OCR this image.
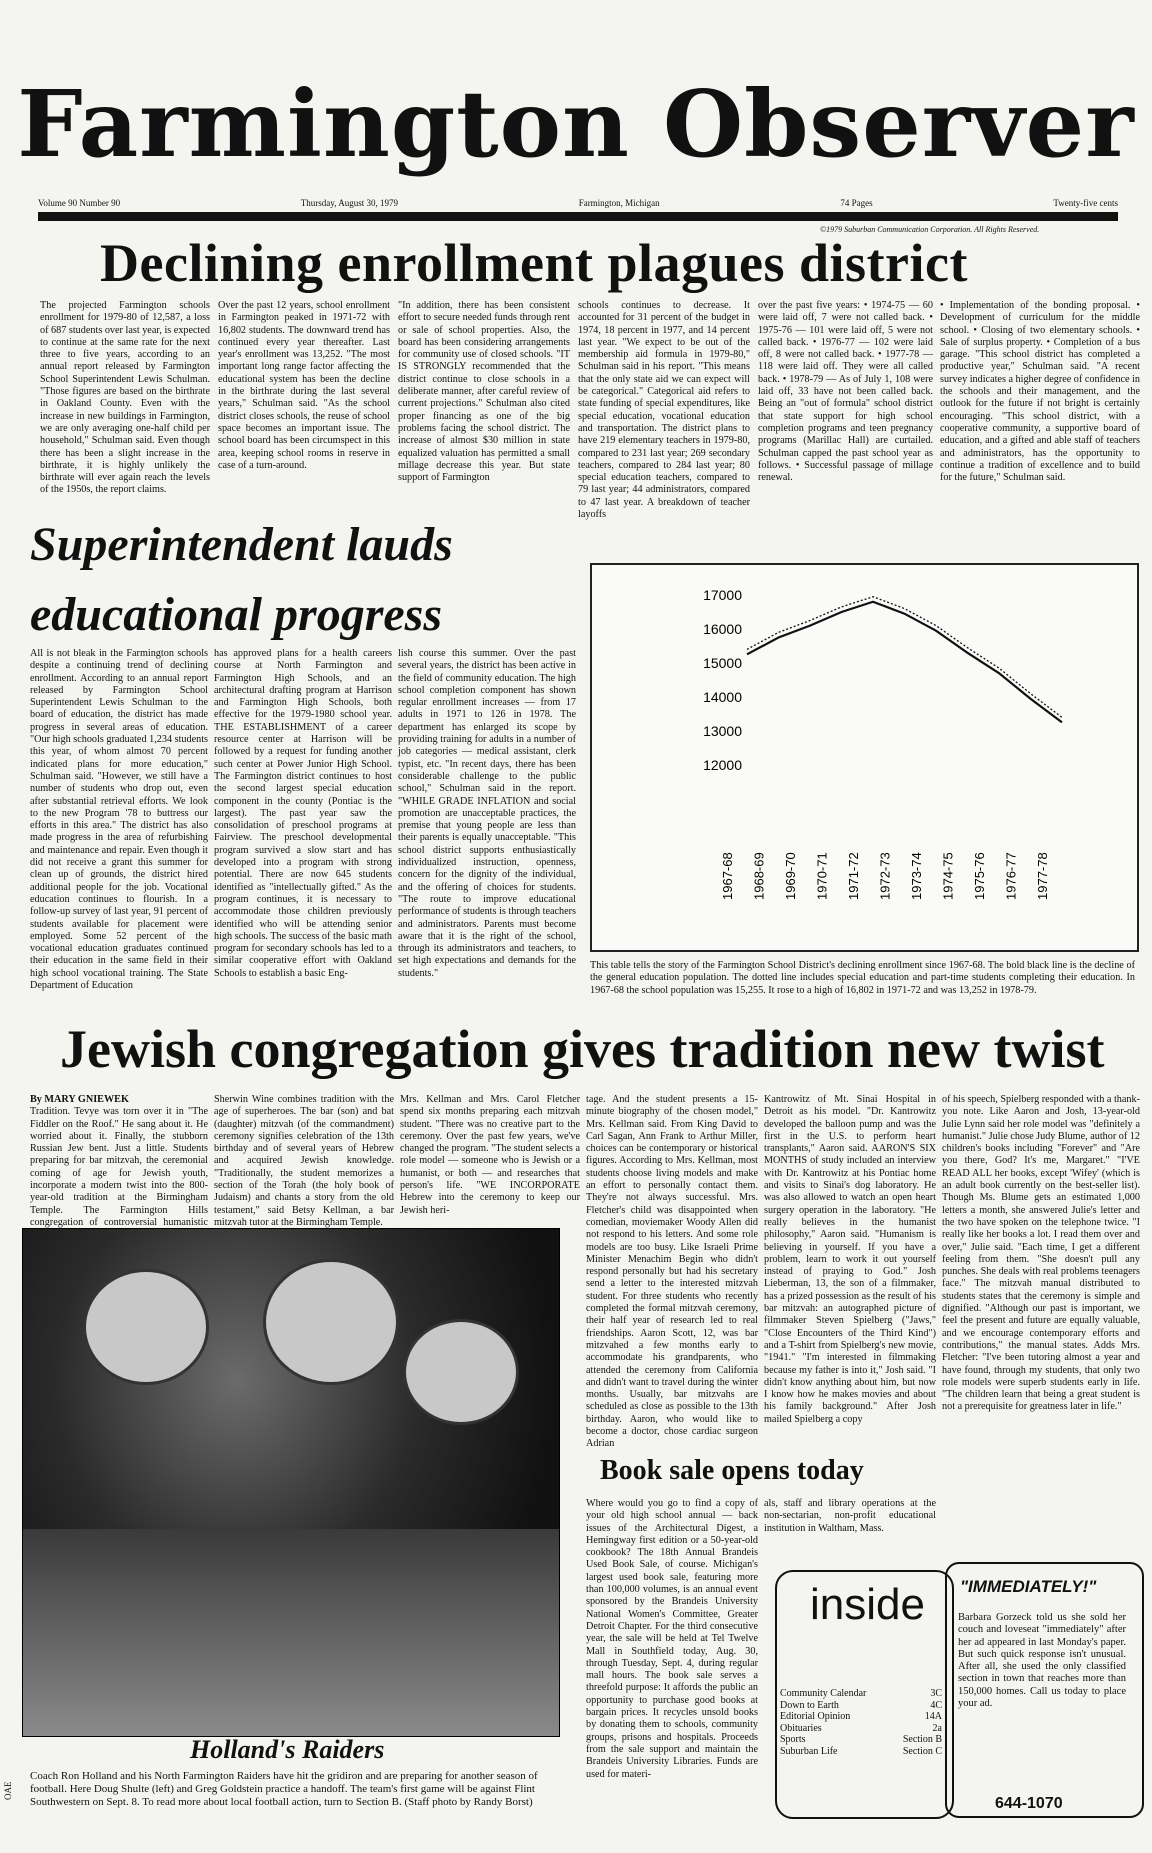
Farmington Observer
Volume 90 Number 90	Thursday, August 30, 1979	Farmington, Michigan	74 Pages	Twenty-five cents
©1979 Suburban Communication Corporation. All Rights Reserved.
Declining enrollment plagues district
The projected Farmington schools enrollment for 1979-80 of 12,587, a loss of 687 students over last year, is expected to continue at the same rate for the next three to five years, according to an annual report released by Farmington School Superintendent Lewis Schulman. "Those figures are based on the birthrate in Oakland County. Even with the increase in new buildings in Farmington, we are only averaging one-half child per household," Schulman said. Even though there has been a slight increase in the birthrate, it is highly unlikely the birthrate will ever again reach the levels of the 1950s, the report claims.
Over the past 12 years, school enrollment in Farmington peaked in 1971-72 with 16,802 students. The downward trend has continued every year thereafter. Last year's enrollment was 13,252. "The most important long range factor affecting the educational system has been the decline in the birthrate during the last several years," Schulman said. "As the school district closes schools, the reuse of school space becomes an important issue. The school board has been circumspect in this area, keeping school rooms in reserve in case of a turn-around.
"In addition, there has been consistent effort to secure needed funds through rent or sale of school properties. Also, the board has been considering arrangements for community use of closed schools. "IT IS STRONGLY recommended that the district continue to close schools in a deliberate manner, after careful review of current projections." Schulman also cited proper financing as one of the big problems facing the school district. The increase of almost $30 million in state equalized valuation has permitted a small millage decrease this year. But state support of Farmington
schools continues to decrease. It accounted for 31 percent of the budget in 1974, 18 percent in 1977, and 14 percent last year. "We expect to be out of the membership aid formula in 1979-80," Schulman said in his report. "This means that the only state aid we can expect will be categorical." Categorical aid refers to state funding of special expenditures, like special education, vocational education and transportation. The district plans to have 219 elementary teachers in 1979-80, compared to 231 last year; 269 secondary teachers, compared to 284 last year; 80 special education teachers, compared to 79 last year; 44 administrators, compared to 47 last year. A breakdown of teacher layoffs
over the past five years: • 1974-75 — 60 were laid off, 7 were not called back. • 1975-76 — 101 were laid off, 5 were not called back. • 1976-77 — 102 were laid off, 8 were not called back. • 1977-78 — 118 were laid off. They were all called back. • 1978-79 — As of July 1, 108 were laid off, 33 have not been called back. Being an "out of formula" school district that state support for high school completion programs and teen pregnancy programs (Marillac Hall) are curtailed. Schulman capped the past school year as follows. • Successful passage of millage renewal.
• Implementation of the bonding proposal. • Development of curriculum for the middle school. • Closing of two elementary schools. • Sale of surplus property. • Completion of a bus garage. "This school district has completed a productive year," Schulman said. "A recent survey indicates a higher degree of confidence in the schools and their management, and the outlook for the future if not bright is certainly encouraging. "This school district, with a cooperative community, a supportive board of education, and a gifted and able staff of teachers and administrators, has the opportunity to continue a tradition of excellence and to build for the future," Schulman said.
Superintendent lauds educational progress
All is not bleak in the Farmington schools despite a continuing trend of declining enrollment. According to an annual report released by Farmington School Superintendent Lewis Schulman to the board of education, the district has made progress in several areas of education. "Our high schools graduated 1,234 students this year, of whom almost 70 percent indicated plans for more education," Schulman said. "However, we still have a number of students who drop out, even after substantial retrieval efforts. We look to the new Program '78 to buttress our efforts in this area." The district has also made progress in the area of refurbishing and maintenance and repair. Even though it did not receive a grant this summer for clean up of grounds, the district hired additional people for the job. Vocational education continues to flourish. In a follow-up survey of last year, 91 percent of students available for placement were employed. Some 52 percent of the vocational education graduates continued their education in the same field in their high school vocational training. The State Department of Education
has approved plans for a health careers course at North Farmington and Farmington High Schools, and an architectural drafting program at Harrison and Farmington High Schools, both effective for the 1979-1980 school year. THE ESTABLISHMENT of a career resource center at Harrison will be followed by a request for funding another such center at Power Junior High School. The Farmington district continues to host the second largest special education component in the county (Pontiac is the largest). The past year saw the consolidation of preschool programs at Fairview. The preschool developmental program survived a slow start and has developed into a program with strong potential. There are now 645 students identified as "intellectually gifted." As the program continues, it is necessary to accommodate those children previously identified who will be attending senior high schools. The success of the basic math program for secondary schools has led to a similar cooperative effort with Oakland Schools to establish a basic Eng-
lish course this summer. Over the past several years, the district has been active in the field of community education. The high school completion component has shown regular enrollment increases — from 17 adults in 1971 to 126 in 1978. The department has enlarged its scope by providing training for adults in a number of job categories — medical assistant, clerk typist, etc. "In recent days, there has been considerable challenge to the public school," Schulman said in the report. "WHILE GRADE INFLATION and social promotion are unacceptable practices, the premise that young people are less than their parents is equally unacceptable. "This school district supports enthusiastically individualized instruction, openness, concern for the dignity of the individual, and the offering of choices for students. "The route to improve educational performance of students is through teachers and administrators. Parents must become aware that it is the right of the school, through its administrators and teachers, to set high expectations and demands for the students."
17000
16000
15000
14000
13000
12000
1967-68 1968-69 1969-70 1970-71 1971-72 1972-73 1973-74 1974-75 1975-76 1976-77 1977-78
This table tells the story of the Farmington School District's declining enrollment since 1967-68. The bold black line is the decline of the general education population. The dotted line includes special education and part-time students completing their education. In 1967-68 the school population was 15,255. It rose to a high of 16,802 in 1971-72 and was 13,252 in 1978-79.
Jewish congregation gives tradition new twist
By MARY GNIEWEK
Tradition. Tevye was torn over it in "The Fiddler on the Roof." He sang about it. He worried about it. Finally, the stubborn Russian Jew bent. Just a little. Students preparing for bar mitzvah, the ceremonial coming of age for Jewish youth, incorporate a modern twist into the 800-year-old tradition at the Birmingham Temple. The Farmington Hills congregation of controversial humanistic
Sherwin Wine combines tradition with the age of superheroes. The bar (son) and bat (daughter) mitzvah (of the commandment) ceremony signifies celebration of the 13th birthday and of several years of Hebrew and acquired Jewish knowledge. "Traditionally, the student memorizes a section of the Torah (the holy book of Judaism) and chants a story from the old testament," said Betsy Kellman, a bar mitzvah tutor at the Birmingham Temple.
Mrs. Kellman and Mrs. Carol Fletcher spend six months preparing each mitzvah student. "There was no creative part to the ceremony. Over the past few years, we've changed the program. "The student selects a role model — someone who is Jewish or a humanist, or both — and researches that person's life. "WE INCORPORATE Hebrew into the ceremony to keep our Jewish heri-
tage. And the student presents a 15-minute biography of the chosen model," Mrs. Kellman said. From King David to Carl Sagan, Ann Frank to Arthur Miller, choices can be contemporary or historical figures. According to Mrs. Kellman, most students choose living models and make an effort to personally contact them. They're not always successful. Mrs. Fletcher's child was disappointed when comedian, moviemaker Woody Allen did not respond to his letters. And some role models are too busy. Like Israeli Prime Minister Menachim Begin who didn't respond personally but had his secretary send a letter to the interested mitzvah student. For three students who recently completed the formal mitzvah ceremony, their half year of research led to real friendships. Aaron Scott, 12, was bar mitzvahed a few months early to accommodate his grandparents, who attended the ceremony from California and didn't want to travel during the winter months. Usually, bar mitzvahs are scheduled as close as possible to the 13th birthday. Aaron, who would like to become a doctor, chose cardiac surgeon Adrian
Kantrowitz of Mt. Sinai Hospital in Detroit as his model. "Dr. Kantrowitz developed the balloon pump and was the first in the U.S. to perform heart transplants," Aaron said. AARON'S SIX MONTHS of study included an interview with Dr. Kantrowitz at his Pontiac home and visits to Sinai's dog laboratory. He was also allowed to watch an open heart surgery operation in the laboratory. "He really believes in the humanist philosophy," Aaron said. "Humanism is believing in yourself. If you have a problem, learn to work it out yourself instead of praying to God." Josh Lieberman, 13, the son of a filmmaker, has a prized possession as the result of his bar mitzvah: an autographed picture of filmmaker Steven Spielberg ("Jaws," "Close Encounters of the Third Kind") and a T-shirt from Spielberg's new movie, "1941." "I'm interested in filmmaking because my father is into it," Josh said. "I didn't know anything about him, but now I know how he makes movies and about his family background." After Josh mailed Spielberg a copy
of his speech, Spielberg responded with a thank-you note. Like Aaron and Josh, 13-year-old Julie Lynn said her role model was "definitely a humanist." Julie chose Judy Blume, author of 12 children's books including "Forever" and "Are you there, God? It's me, Margaret." "I'VE READ ALL her books, except 'Wifey' (which is an adult book currently on the best-seller list). Though Ms. Blume gets an estimated 1,000 letters a month, she answered Julie's letter and the two have spoken on the telephone twice. "I really like her books a lot. I read them over and over," Julie said. "Each time, I get a different feeling from them. "She doesn't pull any punches. She deals with real problems teenagers face." The mitzvah manual distributed to students states that the ceremony is simple and dignified. "Although our past is important, we feel the present and future are equally valuable, and we encourage contemporary efforts and contributions," the manual states. Adds Mrs. Fletcher: "I've been tutoring almost a year and have found, through my students, that only two role models were superb students early in life. "The children learn that being a great student is not a prerequisite for greatness later in life."
Holland's Raiders
Coach Ron Holland and his North Farmington Raiders have hit the gridiron and are preparing for another season of football. Here Doug Shulte (left) and Greg Goldstein practice a handoff. The team's first game will be against Flint Southwestern on Sept. 8. To read more about local football action, turn to Section B. (Staff photo by Randy Borst)
Book sale opens today
Where would you go to find a copy of your old high school annual — back issues of the Architectural Digest, a Hemingway first edition or a 50-year-old cookbook? The 18th Annual Brandeis Used Book Sale, of course. Michigan's largest used book sale, featuring more than 100,000 volumes, is an annual event sponsored by the Brandeis University National Women's Committee, Greater Detroit Chapter. For the third consecutive year, the sale will be held at Tel Twelve Mall in Southfield today, Aug. 30, through Tuesday, Sept. 4, during regular mall hours. The book sale serves a threefold purpose: It affords the public an opportunity to purchase good books at bargain prices. It recycles unsold books by donating them to schools, community groups, prisons and hospitals. Proceeds from the sale support and maintain the Brandeis University Libraries. Funds are used for materi-
als, staff and library operations at the non-sectarian, non-profit educational institution in Waltham, Mass.
inside
Community Calendar	3C
Down to Earth	4C
Editorial Opinion	14A
Obituaries	2a
Sports	Section B
Suburban Life	Section C
"IMMEDIATELY!"
Barbara Gorzeck told us she sold her couch and loveseat "immediately" after her ad appeared in last Monday's paper. But such quick response isn't unusual. After all, she used the only classified section in town that reaches more than 150,000 homes. Call us today to place your ad.
644-1070
OAE
